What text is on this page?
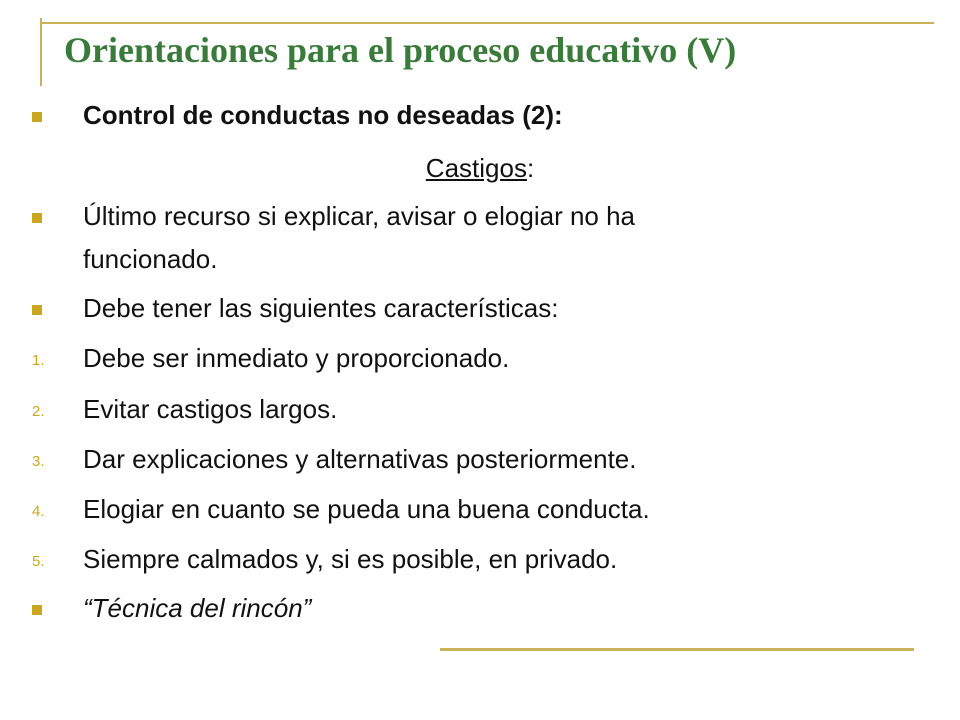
Orientaciones para el proceso educativo (V)
Control de conductas no deseadas (2):
Castigos:
Último recurso si explicar, avisar o elogiar no ha
funcionado.
Debe tener las siguientes características:
1. Debe ser inmediato y proporcionado.
2. Evitar castigos largos.
3. Dar explicaciones y alternativas posteriormente.
4. Elogiar en cuanto se pueda una buena conducta.
5. Siempre calmados y, si es posible, en privado.
“Técnica del rincón”
